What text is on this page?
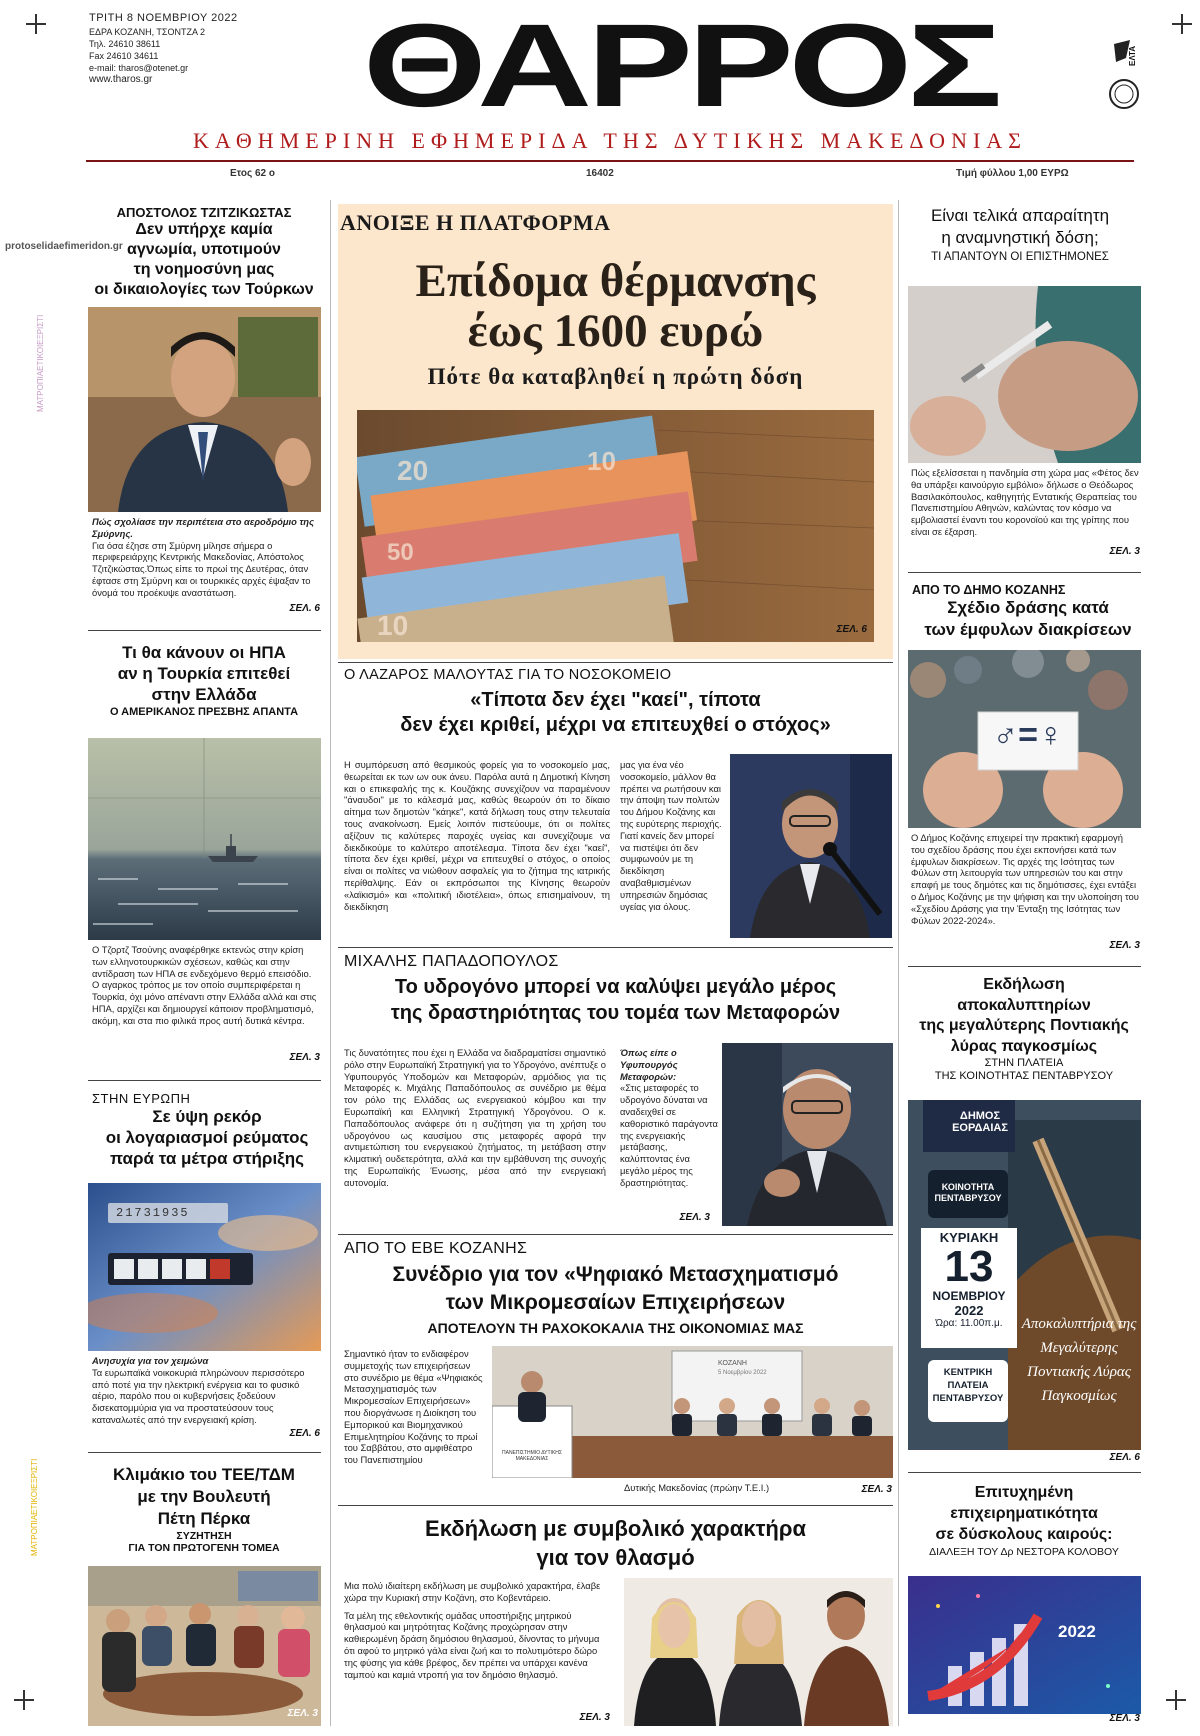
ΤΡΙΤΗ 8 ΝΟΕΜΒΡΙΟΥ 2022
ΕΔΡΑ ΚΟΖΑΝΗ, ΤΣΟΝΤΖΑ 2
Τηλ. 24610 38611
Fax 24610 34611
e-mail: tharos@otenet.gr
www.tharos.gr	ΘΑΡΡΟΣ	ΕΛΤΑ
ΚΑΘΗΜΕΡΙΝΗ ΕΦΗΜΕΡΙΔΑ ΤΗΣ ΔΥΤΙΚΗΣ ΜΑΚΕΔΟΝΙΑΣ
Ετος 62 ο	16402	Τιμή φύλλου 1,00 ΕΥΡΩ
protoselidaefimeridon.gr
ΜΑΤΡΟΠΙΑΕΤΙΚΟΙΕΞΡΙΣΤΙ
ΜΑΤΡΟΠΙΑΕΤΙΚΟΙΕΞΡΙΣΤΙ
ΑΠΟΣΤΟΛΟΣ ΤΖΙΤΖΙΚΩΣΤΑΣ
Δεν υπήρχε καμία
αγνωμία, υποτιμούν
τη νοημοσύνη μας
οι δικαιολογίες των Τούρκων
Πώς σχολίασε την περιπέτεια στο αεροδρόμιο της Σμύρνης.
Για όσα έζησε στη Σμύρνη μίλησε σήμερα ο περιφερειάρχης Κεντρικής Μακεδονίας, Απόστολος Τζιτζικώστας.Όπως είπε το πρωί της Δευτέρας, όταν έφτασε στη Σμύρνη και οι τουρκικές αρχές έψαξαν το όνομά του προέκυψε αναστάτωση.
ΣΕΛ. 6
Τι θα κάνουν οι ΗΠΑ
αν η Τουρκία επιτεθεί
στην Ελλάδα
Ο ΑΜΕΡΙΚΑΝΟΣ ΠΡΕΣΒΗΣ ΑΠΑΝΤΑ
Ο Τζορτζ Τσούνης αναφέρθηκε εκτενώς στην κρίση των ελληνοτουρκικών σχέσεων, καθώς και στην αντίδραση των ΗΠΑ σε ενδεχόμενο θερμό επεισόδιο. Ο αγαρκος τρόπος με τον οποίο συμπεριφέρεται η Τουρκία, όχι μόνο απέναντι στην Ελλάδα αλλά και στις ΗΠΑ, αρχίζει και δημιουργεί κάποιον προβληματισμό, ακόμη, και στα πιο φιλικά προς αυτή δυτικά κέντρα.
ΣΕΛ. 3
ΣΤΗΝ ΕΥΡΩΠΗ
Σε ύψη ρεκόρ
οι λογαριασμοί ρεύματος
παρά τα μέτρα στήριξης
21731935
Ανησυχία για τον χειμώνα
Τα ευρωπαϊκά νοικοκυριά πληρώνουν περισσότερο από ποτέ για την ηλεκτρική ενέργεια και το φυσικό αέριο, παρόλο που οι κυβερνήσεις ξοδεύουν δισεκατομμύρια για να προστατεύσουν τους καταναλωτές από την ενεργειακή κρίση.
ΣΕΛ. 6
Κλιμάκιο του ΤΕΕ/ΤΔΜ
με την Βουλευτή
Πέτη Πέρκα
ΣΥΖΗΤΗΣΗ
ΓΙΑ ΤΟΝ ΠΡΩΤΟΓΕΝΗ ΤΟΜΕΑ
ΣΕΛ. 3
ΑΝΟΙΞΕ Η ΠΛΑΤΦΟΡΜΑ
Επίδομα θέρμανσης
έως 1600 ευρώ
Πότε θα καταβληθεί η πρώτη δόση
20	10
50
10	ΣΕΛ. 6
Ο ΛΑΖΑΡΟΣ ΜΑΛΟΥΤΑΣ ΓΙΑ ΤΟ ΝΟΣΟΚΟΜΕΙΟ
«Τίποτα δεν έχει "καεί", τίποτα
δεν έχει κριθεί, μέχρι να επιτευχθεί ο στόχος»
Η συμπόρευση από θεσμικούς φορείς για το νοσοκομείο μας, θεωρείται εκ των ων ουκ άνευ. Παρόλα αυτά η Δημοτική Κίνηση και ο επικεφαλής της κ. Κουζάκης συνεχίζουν να παραμένουν "άναυδοι" με το κάλεσμά μας, καθώς θεωρούν ότι το δίκαιο αίτημα των δημοτών "κάηκε", κατά δήλωση τους στην τελευταία τους ανακοίνωση. Εμείς λοιπόν πιστεύουμε, ότι οι πολίτες αξίζουν τις καλύτερες παροχές υγείας και συνεχίζουμε να διεκδικούμε το καλύτερο αποτέλεσμα. Τίποτα δεν έχει "καεί", τίποτα δεν έχει κριθεί, μέχρι να επιτευχθεί ο στόχος, ο οποίος είναι οι πολίτες να νιώθουν ασφαλείς για το ζήτημα της ιατρικής περίθαλψης. Εάν οι εκπρόσωποι της Κίνησης θεωρούν «λαϊκισμό» και «πολιτική ιδιοτέλεια», όπως επισημαίνουν, τη διεκδίκηση
μας για ένα νέο νοσοκομείο, μάλλον θα πρέπει να ρωτήσουν και την άποψη των πολιτών του Δήμου Κοζάνης και της ευρύτερης περιοχής. Γιατί κανείς δεν μπορεί να πιστέψει ότι δεν συμφωνούν με τη διεκδίκηση αναβαθμισμένων υπηρεσιών δημόσιας υγείας για όλους.
ΜΙΧΑΛΗΣ ΠΑΠΑΔΟΠΟΥΛΟΣ
Το υδρογόνο μπορεί να καλύψει μεγάλο μέρος
της δραστηριότητας του τομέα των Μεταφορών
Τις δυνατότητες που έχει η Ελλάδα να διαδραματίσει σημαντικό ρόλο στην Ευρωπαϊκή Στρατηγική για το Υδρογόνο, ανέπτυξε ο Υφυπουργός Υποδομών και Μεταφορών, αρμόδιος για τις Μεταφορές κ. Μιχάλης Παπαδόπουλος σε συνέδριο με θέμα τον ρόλο της Ελλάδας ως ενεργειακού κόμβου και την Ευρωπαϊκή και Ελληνική Στρατηγική Υδρογόνου. Ο κ. Παπαδόπουλος ανάφερε ότι η συζήτηση για τη χρήση του υδρογόνου ως καυσίμου στις μεταφορές αφορά την αντιμετώπιση του ενεργειακού ζητήματος, τη μετάβαση στην κλιματική ουδετερότητα, αλλά και την εμβάθυνση της συνοχής της Ευρωπαϊκής Ένωσης, μέσα από την ενεργειακή αυτονομία.
Όπως είπε ο Υφυπουργός Μεταφορών:
«Στις μεταφορές το υδρογόνο δύναται να αναδειχθεί σε καθοριστικό παράγοντα της ενεργειακής μετάβασης, καλύπτοντας ένα μεγάλο μέρος της δραστηριότητας.
ΣΕΛ. 3
ΑΠΟ ΤΟ ΕΒΕ ΚΟΖΑΝΗΣ
Συνέδριο για τον «Ψηφιακό Μετασχηματισμό
των Μικρομεσαίων Επιχειρήσεων
ΑΠΟΤΕΛΟΥΝ ΤΗ ΡΑΧΟΚΟΚΑΛΙΑ ΤΗΣ ΟΙΚΟΝΟΜΙΑΣ ΜΑΣ
Σημαντικό ήταν το ενδιαφέρον συμμετοχής των επιχειρήσεων στο συνέδριο με θέμα «Ψηφιακός Μετασχηματισμός των Μικρομεσαίων Επιχειρήσεων» που διοργάνωσε η Διοίκηση του Εμπορικού και Βιομηχανικού Επιμελητηρίου Κοζάνης το πρωί του Σαββάτου, στο αμφιθέατρο του Πανεπιστημίου
ΚΟΖΑΝΗ
5 Νοεμβρίου 2022
ΠΑΝΕΠΙΣΤΗΜΙΟ ΔΥΤΙΚΗΣ ΜΑΚΕΔΟΝΙΑΣ
Δυτικής Μακεδονίας (πρώην Τ.Ε.Ι.)	ΣΕΛ. 3
Εκδήλωση με συμβολικό χαρακτήρα
για τον θλασμό
Μια πολύ ιδιαίτερη εκδήλωση με συμβολικό χαρακτήρα, έλαβε χώρα την Κυριακή στην Κοζάνη, στο Κοβεντάρειο.
Τα μέλη της εθελοντικής ομάδας υποστήριξης μητρικού θηλασμού και μητρότητας Κοζάνης προχώρησαν στην καθιερωμένη δράση δημόσιου θηλασμού, δίνοντας το μήνυμα ότι αφού το μητρικό γάλα είναι ζωή και το πολυτιμότερο δώρο της φύσης για κάθε βρέφος, δεν πρέπει να υπάρχει κανένα ταμπού και καμιά ντροπή για τον δημόσιο θηλασμό.
ΣΕΛ. 3
Είναι τελικά απαραίτητη
η αναμνηστική δόση;
ΤΙ ΑΠΑΝΤΟΥΝ ΟΙ ΕΠΙΣΤΗΜΟΝΕΣ
Πώς εξελίσσεται η πανδημία στη χώρα μας «Φέτος δεν θα υπάρξει καινούργιο εμβόλιο» δήλωσε ο Θεόδωρος Βασιλακόπουλος, καθηγητής Εντατικής Θεραπείας του Πανεπιστημίου Αθηνών, καλώντας τον κόσμο να εμβολιαστεί έναντι του κορονοϊού και της γρίπης που είναι σε έξαρση.
ΣΕΛ. 3
ΑΠΟ ΤΟ ΔΗΜΟ ΚΟΖΑΝΗΣ
Σχέδιο δράσης κατά
των έμφυλων διακρίσεων
♂=♀
Ο Δήμος Κοζάνης επιχειρεί την πρακτική εφαρμογή του σχεδίου δράσης που έχει εκπονήσει κατά των έμφυλων διακρίσεων. Τις αρχές της Ισότητας των Φύλων στη λειτουργία των υπηρεσιών του και στην επαφή με τους δημότες και τις δημότισσες, έχει εντάξει ο Δήμος Κοζάνης με την ψήφιση και την υλοποίηση του «Σχεδίου Δράσης για την Ένταξη της Ισότητας των Φύλων 2022-2024».
ΣΕΛ. 3
Εκδήλωση
αποκαλυπτηρίων
της μεγαλύτερης Ποντιακής
λύρας παγκοσμίως
ΣΤΗΝ ΠΛΑΤΕΙΑ
ΤΗΣ ΚΟΙΝΟΤΗΤΑΣ ΠΕΝΤΑΒΡΥΣΟΥ
ΔΗΜΟΣ
ΕΟΡΔΑΙΑΣ
ΚΟΙΝΟΤΗΤΑ
ΠΕΝΤΑΒΡΥΣΟΥ
ΚΥΡΙΑΚΗ
13
ΝΟΕΜΒΡΙΟΥ
2022
Ώρα: 11.00π.μ.
ΚΕΝΤΡΙΚΗ
ΠΛΑΤΕΙΑ
ΠΕΝΤΑΒΡΥΣΟΥ
Αποκαλυπτήρια της
Μεγαλύτερης
Ποντιακής Λύρας
Παγκοσμίως
ΣΕΛ. 6
Επιτυχημένη
επιχειρηματικότητα
σε δύσκολους καιρούς:
ΔΙΑΛΕΞΗ ΤΟΥ Δρ ΝΕΣΤΟΡΑ ΚΟΛΟΒΟΥ
2022
ΣΕΛ. 3
